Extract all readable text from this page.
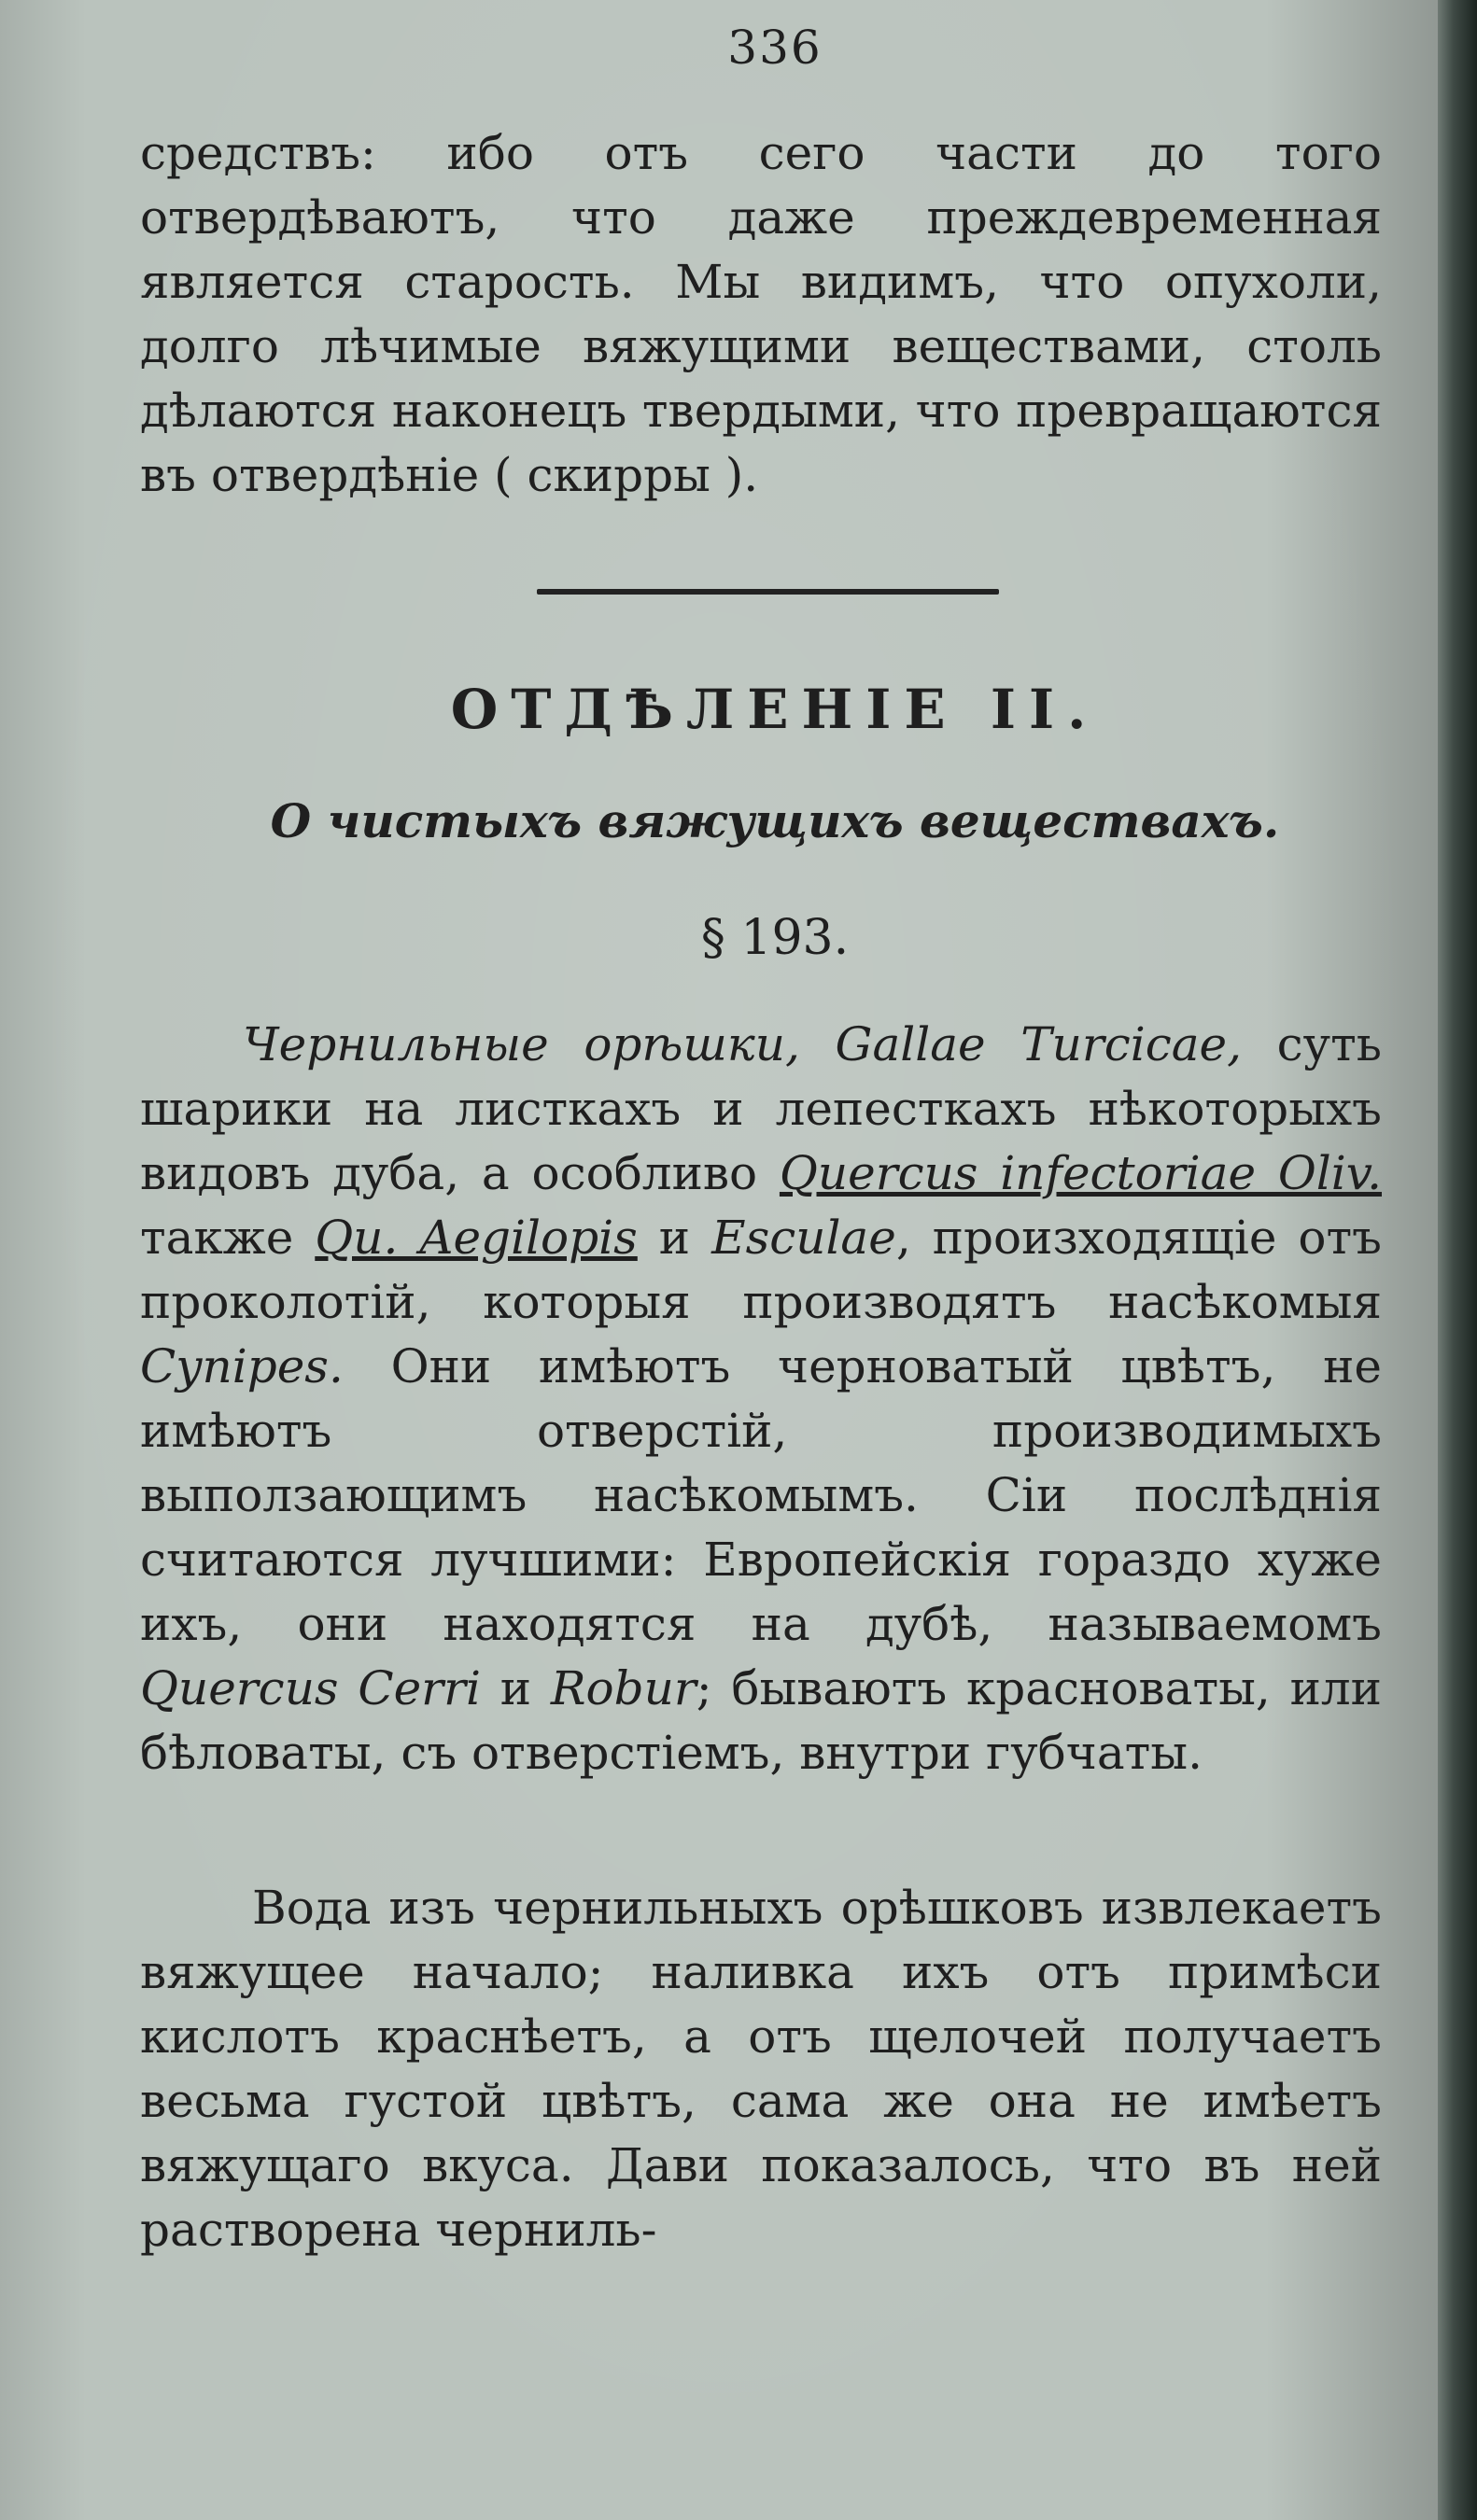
336

средствъ: ибо отъ сего части до того отвердѣваютъ, что даже преждевременная является старость. Мы видимъ, что опухоли, долго лѣчимые вяжущими веществами, столь дѣлаются наконецъ твердыми, что превращаются въ отвердѣніе ( скирры ).

ОТДѢЛЕНІЕ II.
О чистыхъ вяжущихъ веществахъ.
§ 193.

Чернильные орѣшки, Gallae Turcicae, суть шарики на листкахъ и лепесткахъ нѣкоторыхъ видовъ дуба, а особливо Quercus infectoriae Oliv. также Qu. Aegilopis и Esculae, произходящіе отъ проколотій, которыя производятъ насѣкомыя Cynipes. Они имѣютъ черноватый цвѣтъ, не имѣютъ отверстій, производимыхъ выползающимъ насѣкомымъ. Сіи послѣднія считаются лучшими: Европейскія гораздо хуже ихъ, они находятся на дубѣ, называемомъ Quercus Cerri и Robur; бываютъ красноваты, или бѣловаты, съ отверстіемъ, внутри губчаты.

Вода изъ чернильныхъ орѣшковъ извлекаетъ вяжущее начало; наливка ихъ отъ примѣси кислотъ краснѣетъ, а отъ щелочей получаетъ весьма густой цвѣтъ, сама же она не имѣетъ вяжущаго вкуса. Дави показалось, что въ ней растворена черниль-
